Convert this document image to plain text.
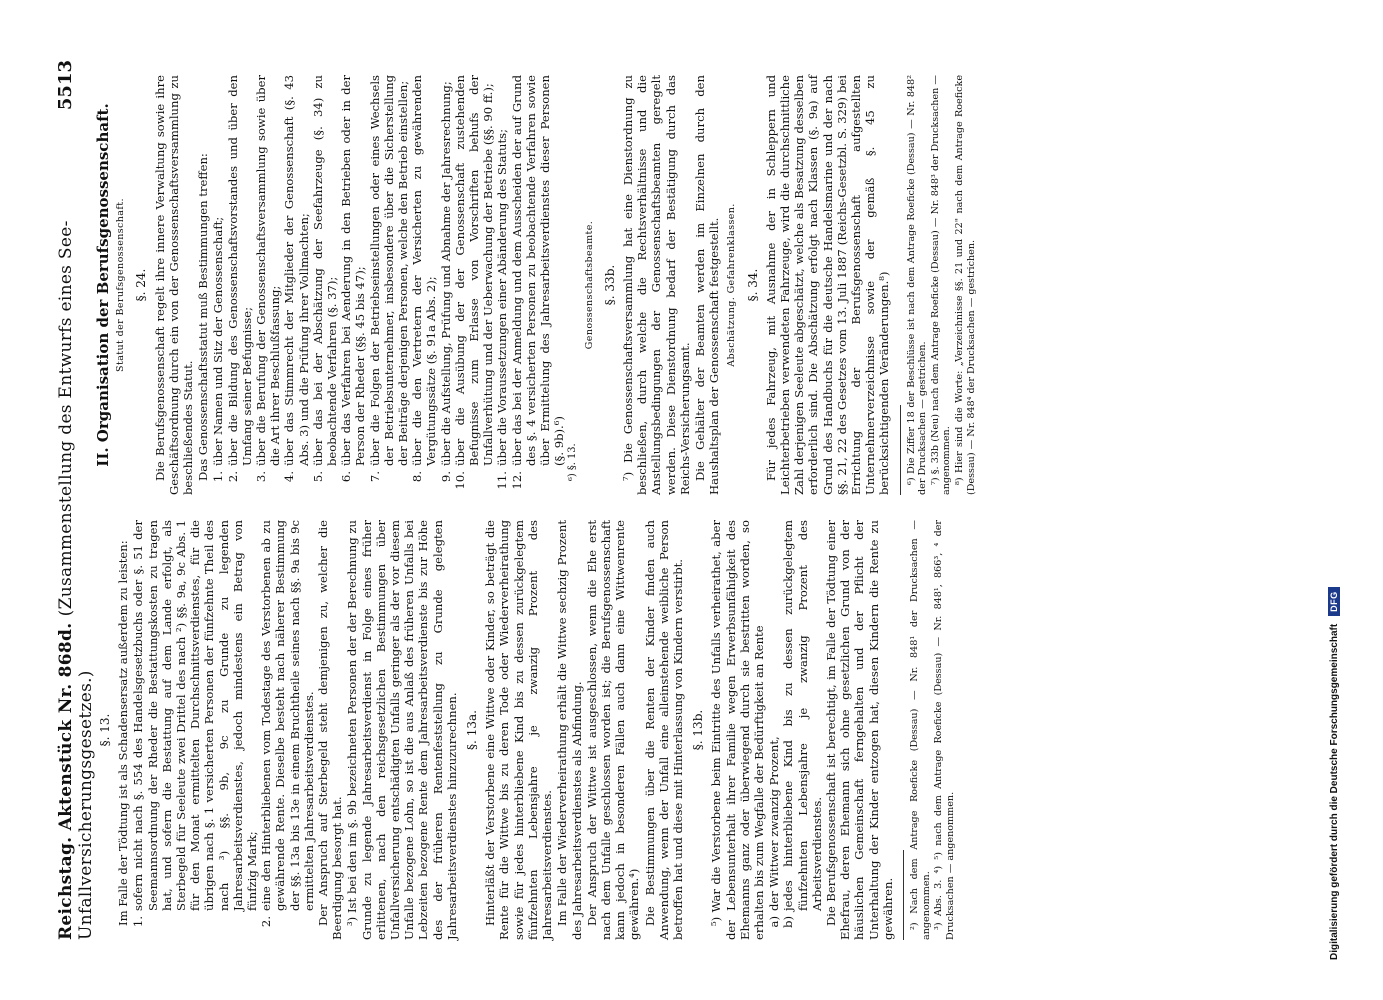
Reichstag. Aktenstück Nr. 868d. (Zusammenstellung des Entwurfs eines See-Unfallversicherungsgesetzes.)
5513
§. 13. Im Falle der Tödtung ist als Schadensersatz außerdem zu leisten: 1.
sofern nicht nach §. 554 des Handelsgesetzbuchs oder §. 51 der Seemannsordnung der Rheder die Bestattungskosten zu tragen hat, und sofern die Bestattung auf dem Lande erfolgt, als Sterbegeld für Seeleute zwei Drittel des nach ²) §§. 9a, 9c Abs. 1 für den Monat ermittelten Durchschnittsverdienstes, für die übrigen nach §. 1 versicherten Personen der fünfzehnte Theil des nach ³) §§. 9b, 9c zu Grunde zu legenden Jahresarbeitsverdienstes, jedoch mindestens ein Betrag von fünfzig Mark;
2.
eine den Hinterbliebenen vom Todestage des Verstorbenen ab zu gewährende Rente. Dieselbe besteht nach näherer Bestimmung der §§. 13a bis 13e in einem Bruchtheile seines nach §§. 9a bis 9c ermittelten Jahresarbeitsverdienstes. Der Anspruch auf Sterbegeld steht demjenigen zu, welcher die Beerdigung besorgt hat. ³) Ist bei den im §. 9b bezeichneten Personen der der Berechnung zu Grunde zu legende Jahresarbeitsverdienst in Folge eines früher erlittenen, nach den reichsgesetzlichen Bestimmungen über Unfallversicherung entschädigten Unfalls geringer als der vor diesem Unfalle bezogene Lohn, so ist die aus Anlaß des früheren Unfalls bei Lebzeiten bezogene Rente dem Jahresarbeitsverdienste bis zur Höhe des der früheren Rentenfeststellung zu Grunde gelegten Jahresarbeitsverdienstes hinzuzurechnen. §. 13a. Hinterläßt der Verstorbene eine Wittwe oder Kinder, so beträgt die Rente für die Wittwe bis zu deren Tode oder Wiederverheirathung sowie für jedes hinterbliebene Kind bis zu dessen zurückgelegtem fünfzehnten Lebensjahre je zwanzig Prozent des Jahresarbeitsverdienstes. Im Falle der Wiederverheirathung erhält die Wittwe sechzig Prozent des Jahresarbeitsverdienstes als Abfindung. Der Anspruch der Wittwe ist ausgeschlossen, wenn die Ehe erst nach dem Unfalle geschlossen worden ist; die Berufsgenossenschaft kann jedoch in besonderen Fällen auch dann eine Wittwenrente gewähren.⁴) Die Bestimmungen über die Renten der Kinder finden auch Anwendung, wenn der Unfall eine alleinstehende weibliche Person betroffen hat und diese mit Hinterlassung von Kindern verstirbt. §. 13b. ⁵) War die Verstorbene beim Eintritte des Unfalls verheirathet, aber der Lebensunterhalt ihrer Familie wegen Erwerbsunfähigkeit des Ehemanns ganz oder überwiegend durch sie bestritten worden, so erhalten bis zum Wegfalle der Bedürftigkeit an Rente a)
der Wittwer zwanzig Prozent,
b)
jedes hinterbliebene Kind bis zu dessen zurückgelegtem fünfzehnten Lebensjahre je zwanzig Prozent des Arbeitsverdienstes. Die Berufsgenossenschaft ist berechtigt, im Falle der Tödtung einer Ehefrau, deren Ehemann sich ohne gesetzlichen Grund von der häuslichen Gemeinschaft ferngehalten und der Pflicht der Unterhaltung der Kinder entzogen hat, diesen Kindern die Rente zu gewähren. ²) Nach dem Antrage Roeficke (Dessau) — Nr. 848¹ der Drucksachen — angenommen. ³) Abs. 3. ⁴) ⁵) nach dem Antrage Roeficke (Dessau) — Nr. 848¹, 866³, ⁴ der Drucksachen — angenommen.

II. Organisation der Berufsgenossenschaft. Statut der Berufsgenossenschaft. §. 24. Die Berufsgenossenschaft regelt ihre innere Verwaltung sowie ihre Geschäftsordnung durch ein von der Genossenschaftsversammlung zu beschließendes Statut. Das Genossenschaftsstatut muß Bestimmungen treffen: 1.
über Namen und Sitz der Genossenschaft;
2.
über die Bildung des Genossenschaftsvorstandes und über den Umfang seiner Befugnisse;
3.
über die Berufung der Genossenschaftsversammlung sowie über die Art ihrer Beschlußfassung;
4.
über das Stimmrecht der Mitglieder der Genossenschaft (§. 43 Abs. 3) und die Prüfung ihrer Vollmachten;
5.
über das bei der Abschätzung der Seefahrzeuge (§. 34) zu beobachtende Verfahren (§. 37);
6.
über das Verfahren bei Aenderung in den Betrieben oder in der Person der Rheder (§§. 45 bis 47);
7.
über die Folgen der Betriebseinstellungen oder eines Wechsels der Betriebsunternehmer, insbesondere über die Sicherstellung der Beiträge derjenigen Personen, welche den Betrieb einstellen;
8.
über die den Vertretern der Versicherten zu gewährenden Vergütungssätze (§. 91a Abs. 2);
9.
über die Aufstellung, Prüfung und Abnahme der Jahresrechnung;
10.
über die Ausübung der der Genossenschaft zustehenden Befugnisse zum Erlasse von Vorschriften behufs der Unfallverhütung und der Ueberwachung der Betriebe (§§. 90 ff.);
11.
über die Voraussetzungen einer Abänderung des Statuts;
12.
über das bei der Anmeldung und dem Ausscheiden der auf Grund des §. 4 versicherten Personen zu beobachtende Verfahren sowie über Ermittelung des Jahresarbeitsverdienstes dieser Personen (§. 9b).⁶) ⁶) §. 13.

Genossenschaftsbeamte. §. 33b. ⁷) Die Genossenschaftsversammlung hat eine Dienstordnung zu beschließen, durch welche die Rechtsverhältnisse und die Anstellungsbedingungen der Genossenschaftsbeamten geregelt werden. Diese Dienstordnung bedarf der Bestätigung durch das Reichs-Versicherungsamt. Die Gehälter der Beamten werden im Einzelnen durch den Haushaltsplan der Genossenschaft festgestellt. Abschätzung. Gefahrenklassen. §. 34. Für jedes Fahrzeug, mit Ausnahme der in Schleppern und Leichterbetrieben verwendeten Fahrzeuge, wird die durchschnittliche Zahl derjenigen Seeleute abgeschätzt, welche als Besatzung desselben erforderlich sind. Die Abschätzung erfolgt nach Klassen (§. 9a) auf Grund des Handbuchs für die deutsche Handelsmarine und der nach §§. 21, 22 des Gesetzes vom 13. Juli 1887 (Reichs-Gesetzbl. S. 329) bei Errichtung der Berufsgenossenschaft aufgestellten Unternehmerverzeichnisse sowie der gemäß §. 45 zu berücksichtigenden Veränderungen.⁸) ⁶) Die Ziffer 18 der Beschlüsse ist nach dem Antrage Roeficke (Dessau) — Nr. 848² der Drucksachen — gestrichen. ⁷) §. 33b (Neu) nach dem Antrage Roeficke (Dessau) — Nr. 848³ der Drucksachen — angenommen. ⁸) Hier sind die Worte: „Verzeichnisse §§. 21 und 22" nach dem Antrage Roeficke (Dessau) — Nr. 848⁴ der Drucksachen — gestrichen.

Digitalisierung gefördert durch die Deutsche Forschungsgemeinschaft
DFG
